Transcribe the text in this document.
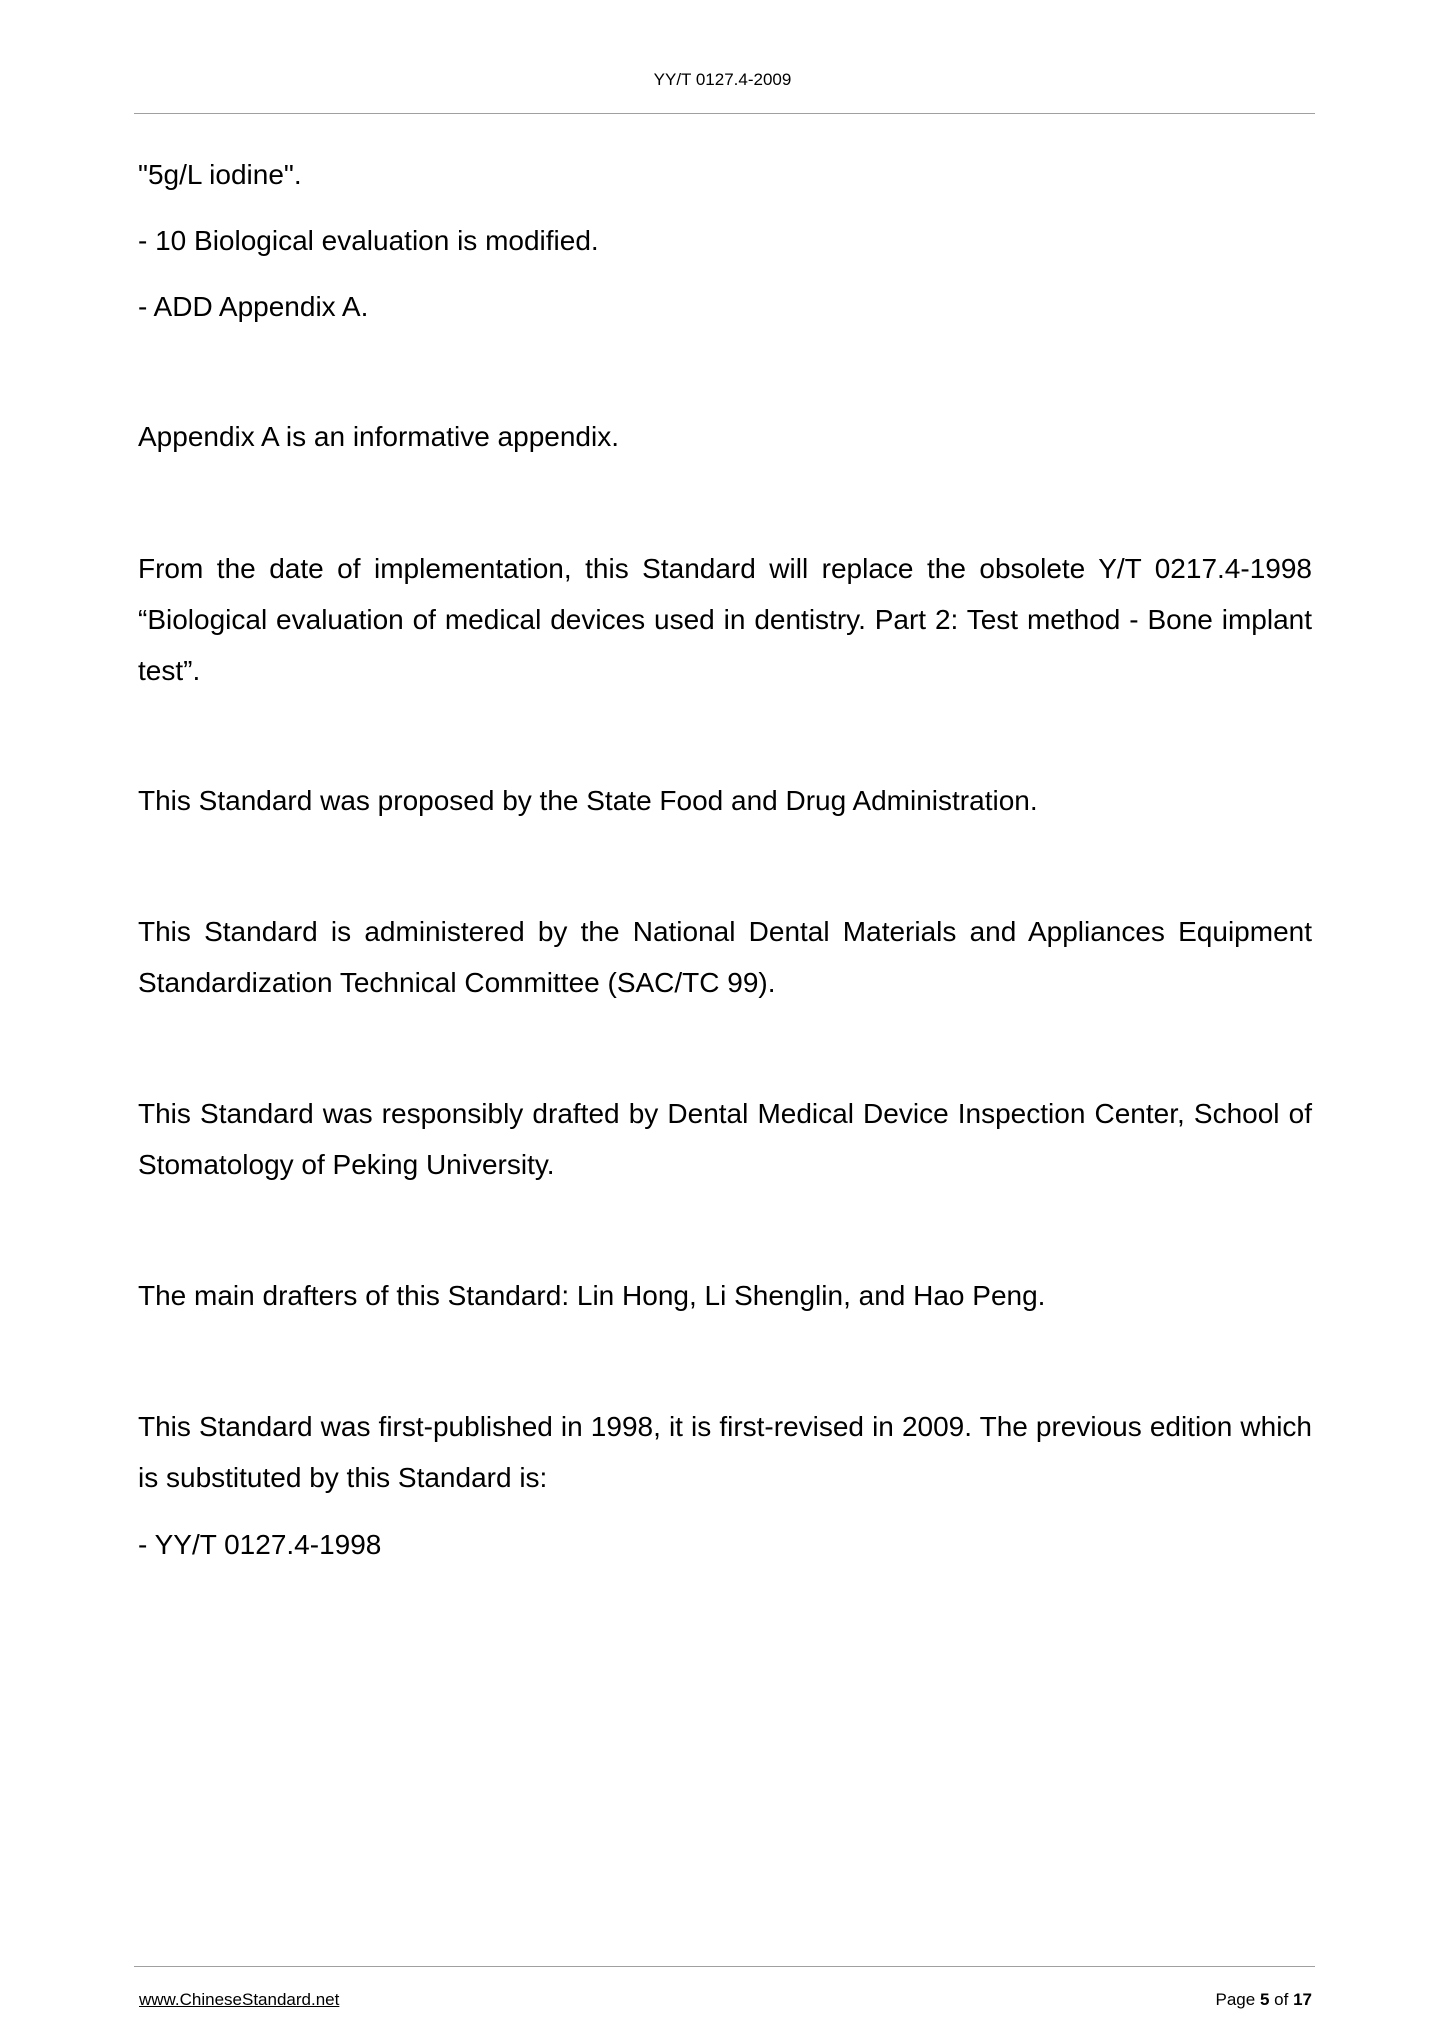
YY/T 0127.4-2009

"5g/L iodine".

- 10 Biological evaluation is modified.

- ADD Appendix A.

Appendix A is an informative appendix.

From the date of implementation, this Standard will replace the obsolete Y/T 0217.4-1998 “Biological evaluation of medical devices used in dentistry. Part 2: Test method - Bone implant test”.

This Standard was proposed by the State Food and Drug Administration.

This Standard is administered by the National Dental Materials and Appliances Equipment Standardization Technical Committee (SAC/TC 99).

This Standard was responsibly drafted by Dental Medical Device Inspection Center, School of Stomatology of Peking University.

The main drafters of this Standard: Lin Hong, Li Shenglin, and Hao Peng.

This Standard was first-published in 1998, it is first-revised in 2009. The previous edition which is substituted by this Standard is:

- YY/T 0127.4-1998

www.ChineseStandard.net	Page 5 of 17
